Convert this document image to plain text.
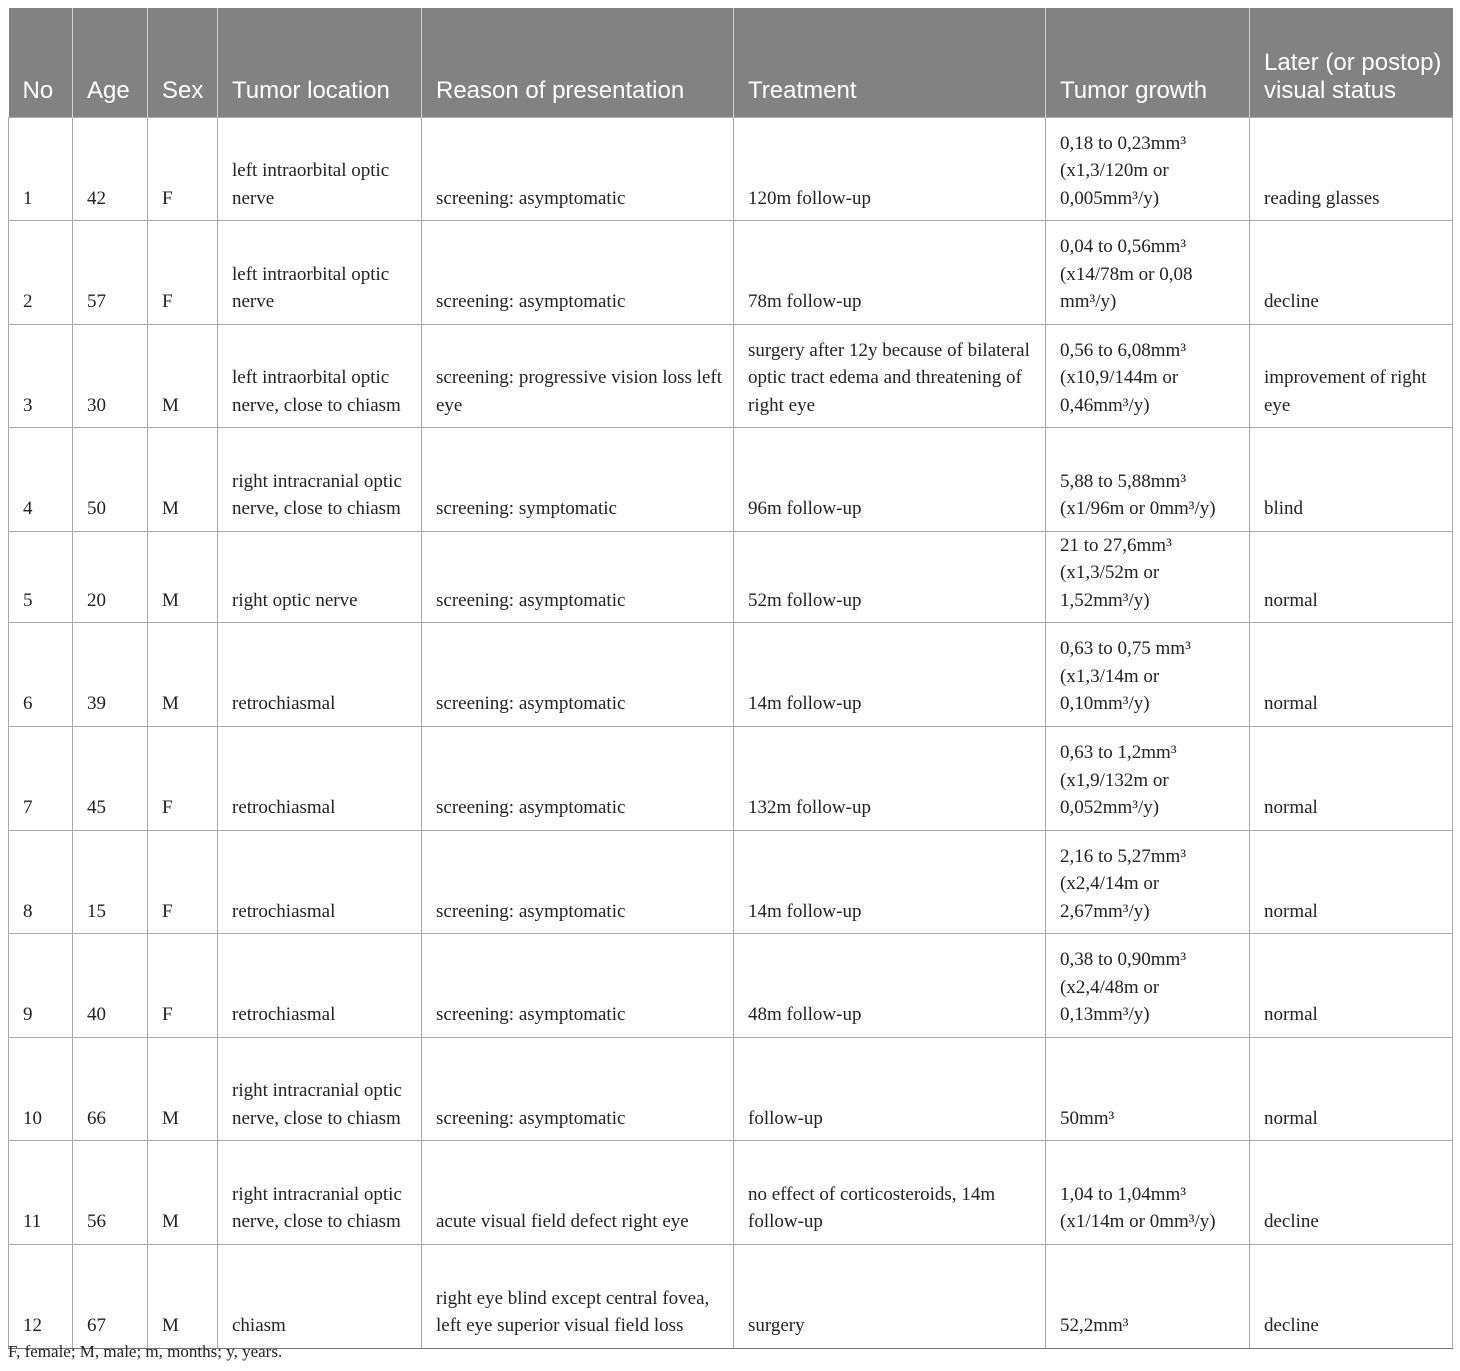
No	Age	Sex	Tumor location	Reason of presentation	Treatment	Tumor growth	Later (or postop) visual status
1	42	F	left intraorbital optic nerve	screening: asymptomatic	120m follow-up	0,18 to 0,23mm³ (x1,3/120m or 0,005mm³/y)	reading glasses
2	57	F	left intraorbital optic nerve	screening: asymptomatic	78m follow-up	0,04 to 0,56mm³ (x14/78m or 0,08 mm³/y)	decline
3	30	M	left intraorbital optic nerve, close to chiasm	screening: progressive vision loss left eye	surgery after 12y because of bilateral optic tract edema and threatening of right eye	0,56 to 6,08mm³ (x10,9/144m or 0,46mm³/y)	improvement of right eye
4	50	M	right intracranial optic nerve, close to chiasm	screening: symptomatic	96m follow-up	5,88 to 5,88mm³ (x1/96m or 0mm³/y)	blind
5	20	M	right optic nerve	screening: asymptomatic	52m follow-up	21 to 27,6mm³ (x1,3/52m or 1,52mm³/y)	normal
6	39	M	retrochiasmal	screening: asymptomatic	14m follow-up	0,63 to 0,75 mm³ (x1,3/14m or 0,10mm³/y)	normal
7	45	F	retrochiasmal	screening: asymptomatic	132m follow-up	0,63 to 1,2mm³ (x1,9/132m or 0,052mm³/y)	normal
8	15	F	retrochiasmal	screening: asymptomatic	14m follow-up	2,16 to 5,27mm³ (x2,4/14m or 2,67mm³/y)	normal
9	40	F	retrochiasmal	screening: asymptomatic	48m follow-up	0,38 to 0,90mm³ (x2,4/48m or 0,13mm³/y)	normal
10	66	M	right intracranial optic nerve, close to chiasm	screening: asymptomatic	follow-up	50mm³	normal
11	56	M	right intracranial optic nerve, close to chiasm	acute visual field defect right eye	no effect of corticosteroids, 14m follow-up	1,04 to 1,04mm³ (x1/14m or 0mm³/y)	decline
12	67	M	chiasm	right eye blind except central fovea, left eye superior visual field loss	surgery	52,2mm³	decline
F, female; M, male; m, months; y, years.
